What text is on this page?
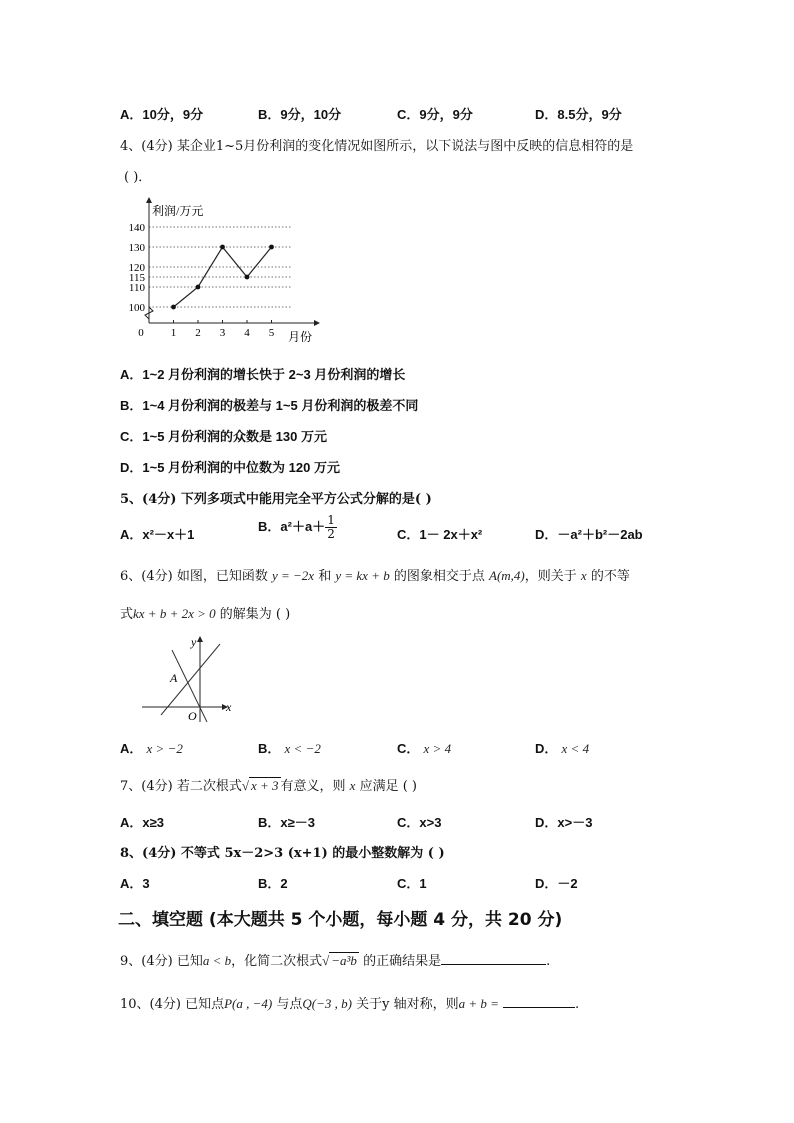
A．10分，9分	B．9分，10分	C．9分，9分	D．8.5分，9分
4、(4分) 某企业1~5月份利润的变化情况如图所示，以下说法与图中反映的信息相符的是
( )．
100
110
115
120
130
140
0 1 2 3 4 5
利润/万元
月份
A．1~2 月份利润的增长快于 2~3 月份利润的增长
B．1~4 月份利润的极差与 1~5 月份利润的极差不同
C．1~5 月份利润的众数是 130 万元
D．1~5 月份利润的中位数为 120 万元
5、(4分) 下列多项式中能用完全平方公式分解的是( )
A．x²－x＋1
B．$a^2+a+ \frac{1}{2}$	C．1－ 2x＋x²	D．－a²＋b²－2ab
6、(4分) 如图，已知函数 y = −2x 和 y = kx + b 的图象相交于点 A(m,4)，则关于 x 的不等
式kx + b + 2x > 0 的解集为 ( )
y
x
A
O
A． x > −2	B． x < −2	C． x > 4	D． x < 4
7、(4分) 若二次根式√ x + 3 有意义，则 x 应满足 ( )
A．x≥3	B．x≥－3	C．x>3	D．x>－3
8、(4分) 不等式 5x－2>3 (x+1) 的最小整数解为 ( )
A．3	B．2	C．1	D．－2
二、填空题 (本大题共 5 个小题，每小题 4 分，共 20 分)
9、(4分) 已知a < b，化简二次根式√ −a³b 的正确结果是	.
10、(4分) 已知点P(a , −4) 与点Q(−3 , b) 关于y 轴对称，则a + b =	.
